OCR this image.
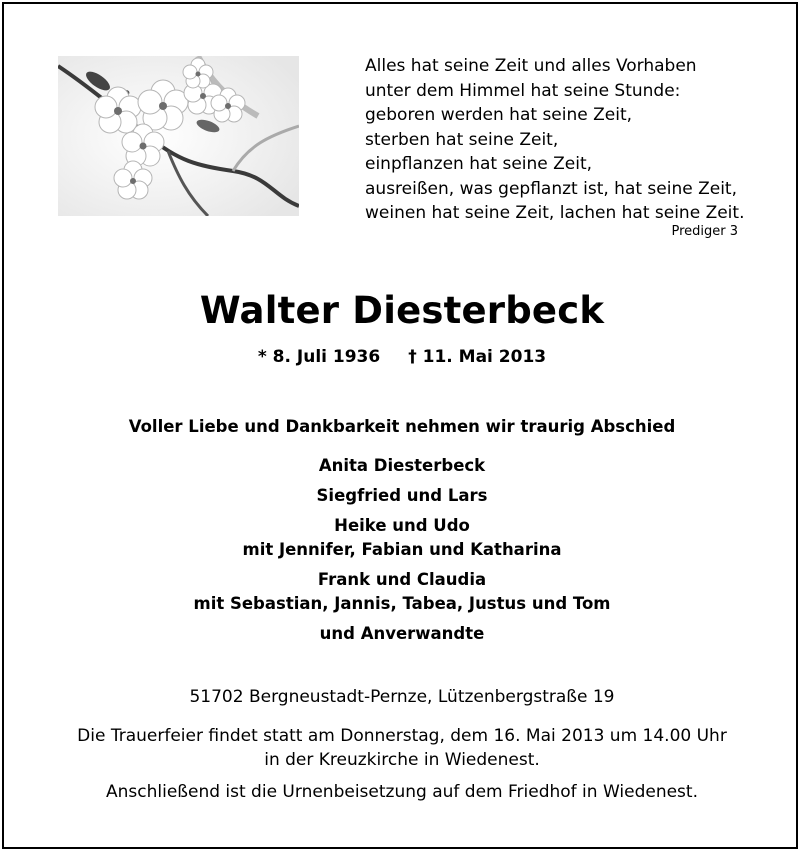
Alles hat seine Zeit und alles Vorhaben
unter dem Himmel hat seine Stunde:
geboren werden hat seine Zeit,
sterben hat seine Zeit,
einpflanzen hat seine Zeit,
ausreißen, was gepflanzt ist, hat seine Zeit,
weinen hat seine Zeit, lachen hat seine Zeit.
Prediger 3
Walter Diesterbeck
* 8. Juli 1936 † 11. Mai 2013
Voller Liebe und Dankbarkeit nehmen wir traurig Abschied
Anita Diesterbeck
Siegfried und Lars
Heike und Udo
mit Jennifer, Fabian und Katharina
Frank und Claudia
mit Sebastian, Jannis, Tabea, Justus und Tom
und Anverwandte
51702 Bergneustadt-Pernze, Lützenbergstraße 19
Die Trauerfeier findet statt am Donnerstag, dem 16. Mai 2013 um 14.00 Uhr
in der Kreuzkirche in Wiedenest.
Anschließend ist die Urnenbeisetzung auf dem Friedhof in Wiedenest.
